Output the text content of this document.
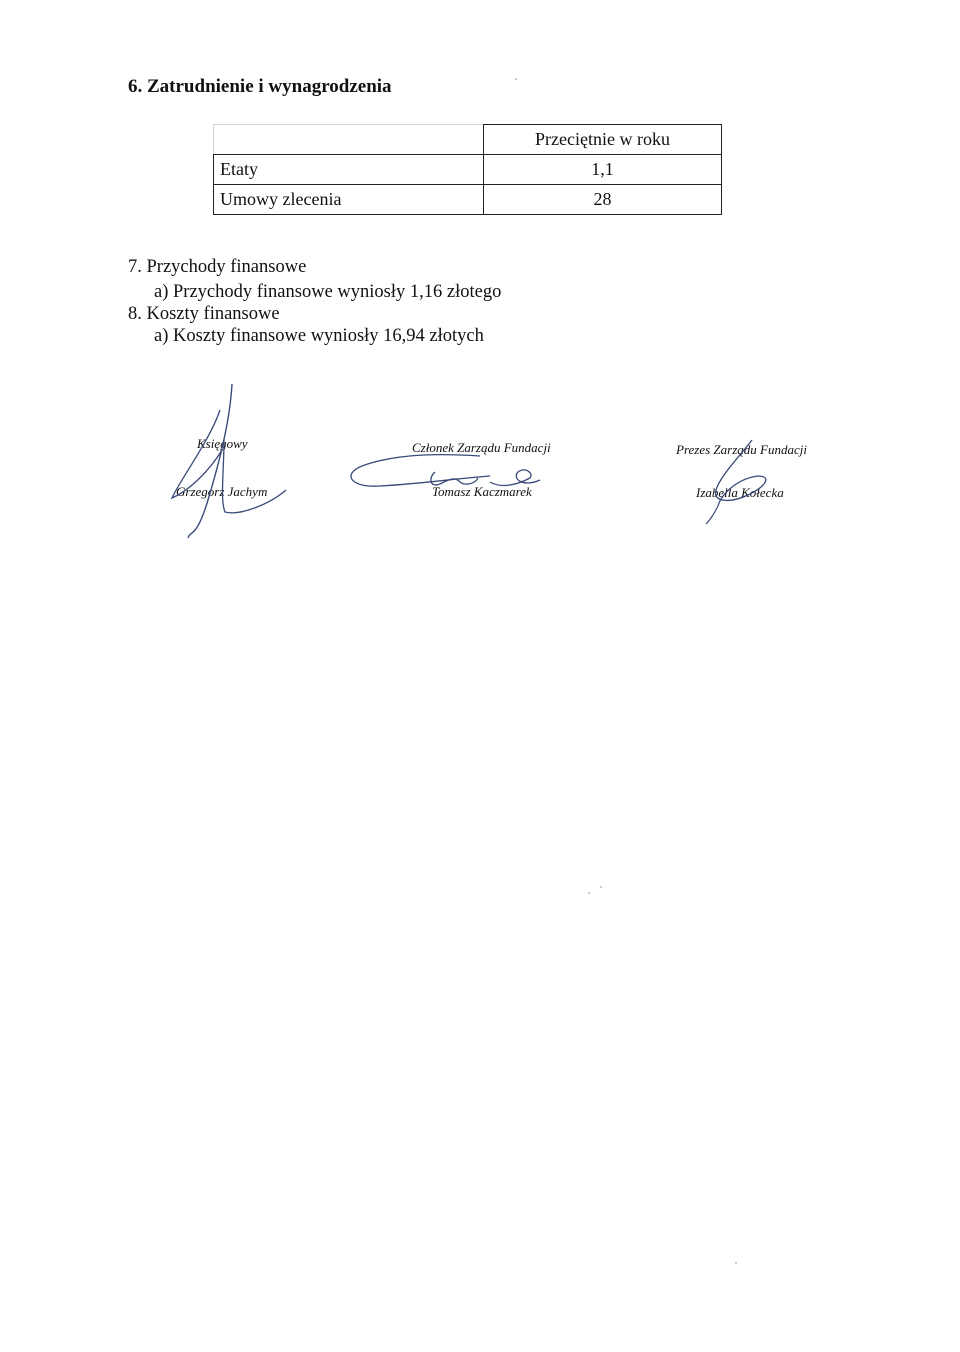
6. Zatrudnienie i wynagrodzenia
	Przeciętnie w roku
Etaty	1,1
Umowy zlecenia	28

7. Przychody finansowe

a) Przychody finansowe wyniosły 1,16 złotego

8. Koszty finansowe

a) Koszty finansowe wyniosły 16,94 złotych

Księgowy
Grzegorz Jachym
Członek Zarządu Fundacji
Tomasz Kaczmarek
Prezes Zarządu Fundacji
Izabella Kołecka
